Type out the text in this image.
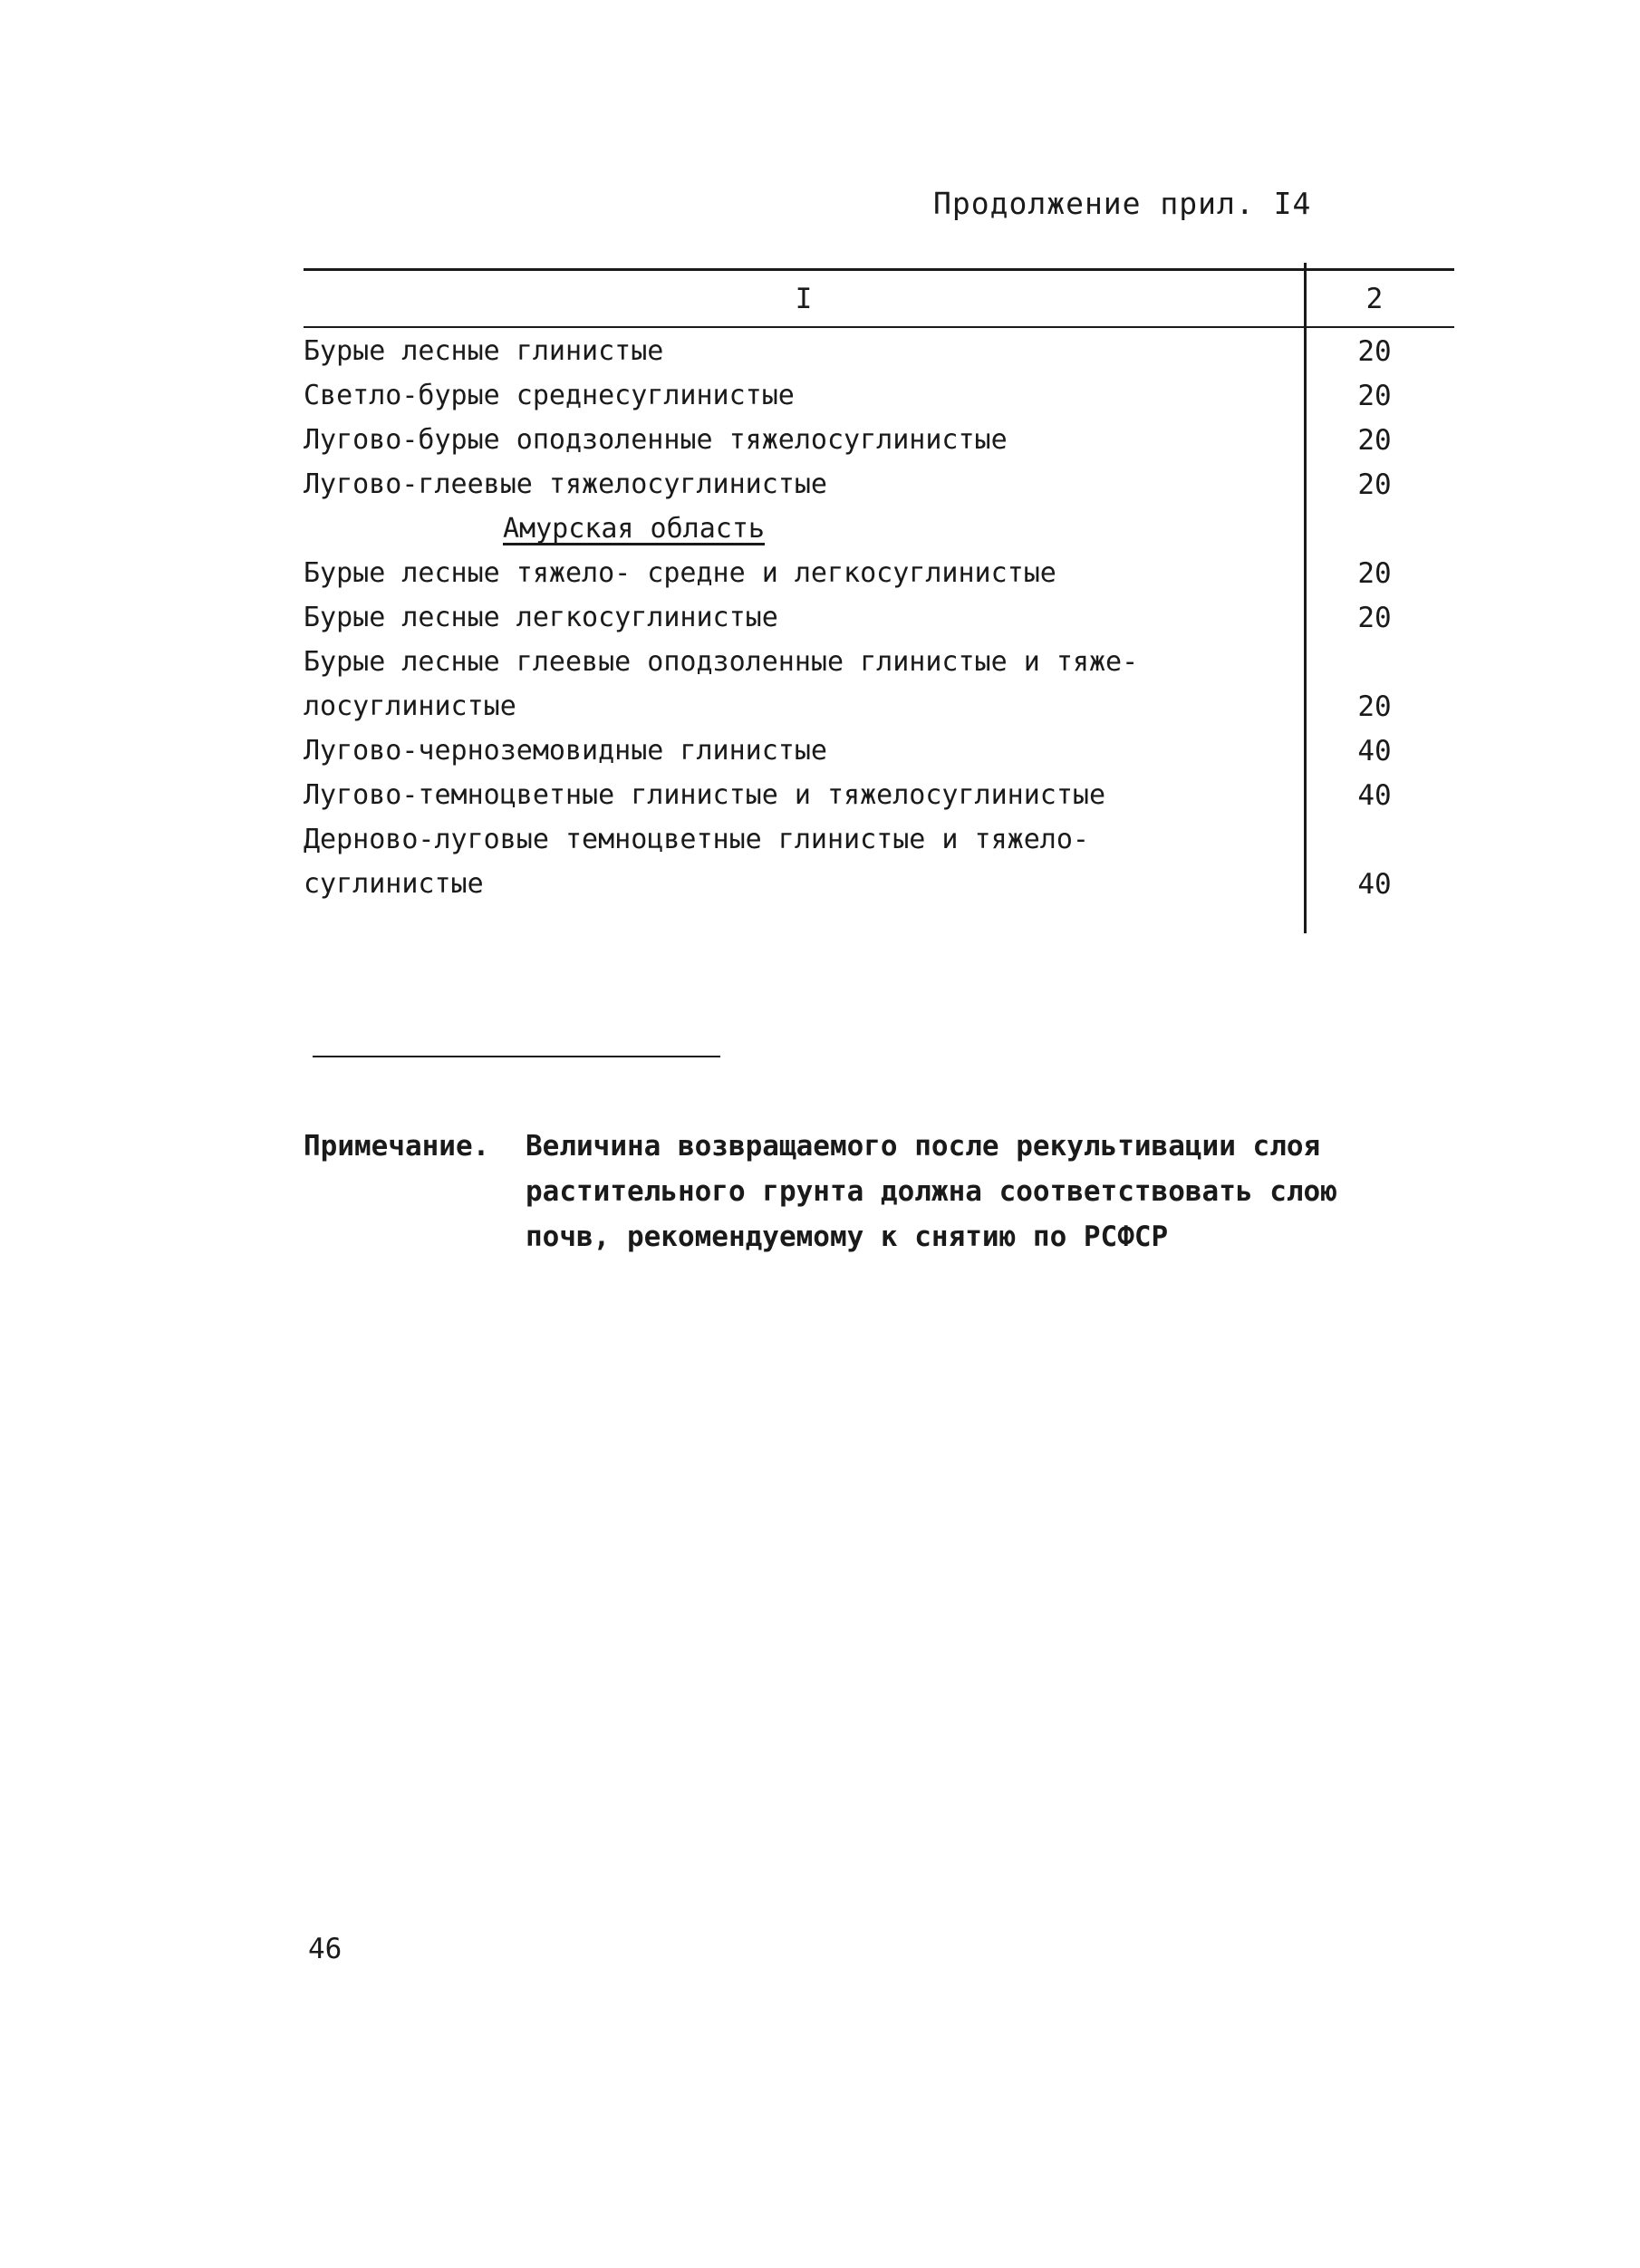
Продолжение прил. I4
I	2
Бурые лесные глинистые	20
Светло-бурые среднесуглинистые	20
Лугово-бурые оподзоленные тяжелосуглинистые	20
Лугово-глеевые тяжелосуглинистые	20
Амурская область
Бурые лесные тяжело- средне и легкосуглинистые	20
Бурые лесные легкосуглинистые	20
Бурые лесные глеевые оподзоленные глинистые и тяже-
лосуглинистые	20
Лугово-черноземовидные глинистые	40
Лугово-темноцветные глинистые и тяжелосуглинистые	40
Дерново-луговые темноцветные глинистые и тяжело-
суглинистые	40
Примечание. Величина возвращаемого после рекультивации слоя
растительного грунта должна соответствовать слою
почв, рекомендуемому к снятию по РСФСР
46
